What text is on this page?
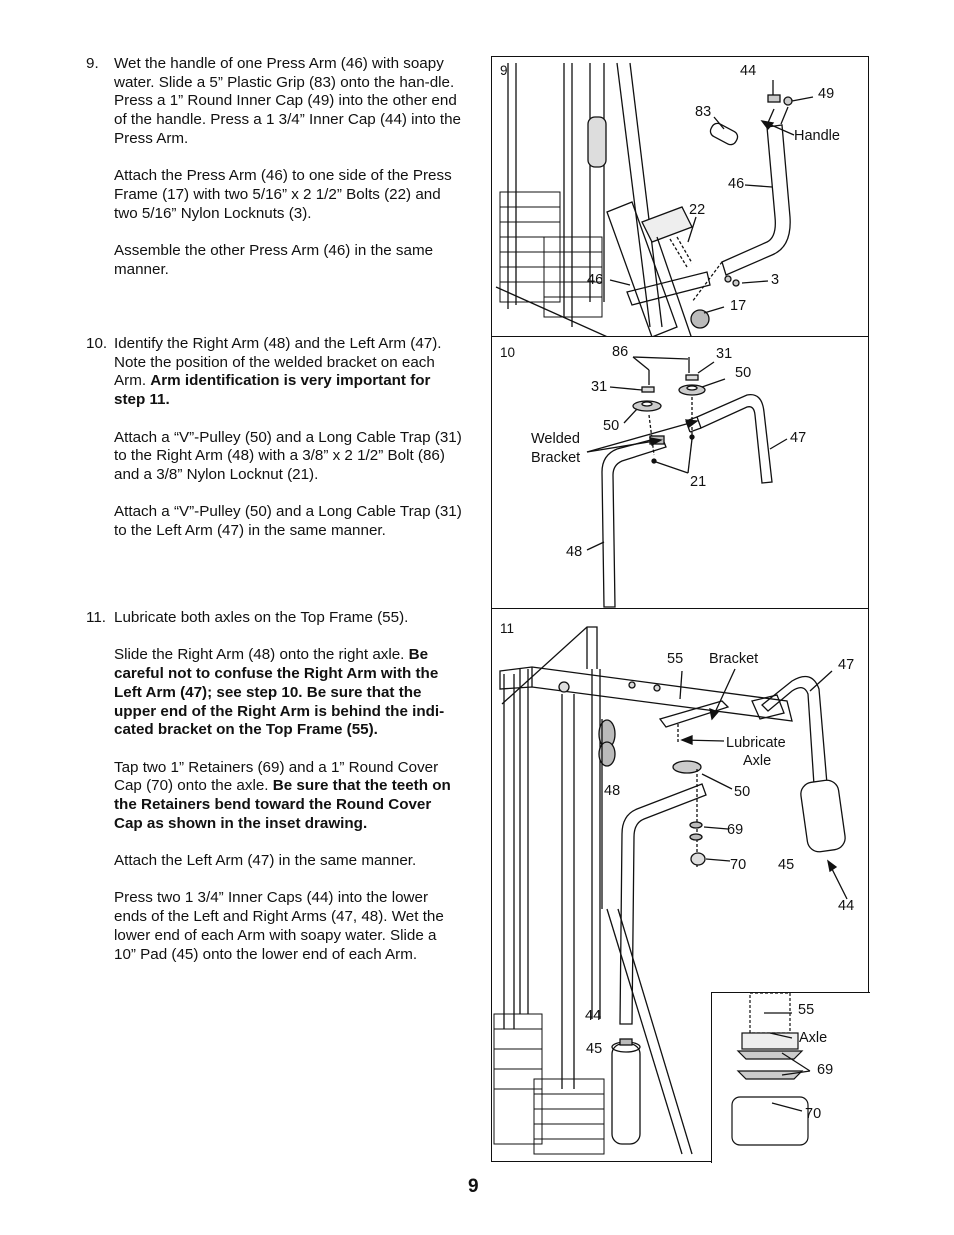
9. Wet the handle of one Press Arm (46) with soapy water. Slide a 5” Plastic Grip (83) onto the han-dle. Press a 1” Round Inner Cap (49) into the other end of the handle. Press a 1 3/4” Inner Cap (44) into the Press Arm.

Attach the Press Arm (46) to one side of the Press Frame (17) with two 5/16” x 2 1/2” Bolts (22) and two 5/16” Nylon Locknuts (3).

Assemble the other Press Arm (46) in the same manner.

10. Identify the Right Arm (48) and the Left Arm (47). Note the position of the welded bracket on each Arm. Arm identification is very important for step 11.

Attach a “V”-Pulley (50) and a Long Cable Trap (31) to the Right Arm (48) with a 3/8” x 2 1/2” Bolt (86) and a 3/8” Nylon Locknut (21).

Attach a “V”-Pulley (50) and a Long Cable Trap (31) to the Left Arm (47) in the same manner.

11. Lubricate both axles on the Top Frame (55).

Slide the Right Arm (48) onto the right axle. Be careful not to confuse the Right Arm with the Left Arm (47); see step 10. Be sure that the upper end of the Right Arm is behind the indi-cated bracket on the Top Frame (55).

Tap two 1” Retainers (69) and a 1” Round Cover Cap (70) onto the axle. Be sure that the teeth on the Retainers bend toward the Round Cover Cap as shown in the inset drawing.

Attach the Left Arm (47) in the same manner.

Press two 1 3/4” Inner Caps (44) into the lower ends of the Left and Right Arms (47, 48). Wet the lower end of each Arm with soapy water. Slide a 10” Pad (45) onto the lower end of each Arm.

9	44
49
83
Handle
46
22
46	3
17
10	86
31
50
31
50
Welded
Bracket
47
21
48
11
55 Bracket	47
Lubricate
Axle
48	50
69
70 45
44
44
45
55
Axle
69
70
9
